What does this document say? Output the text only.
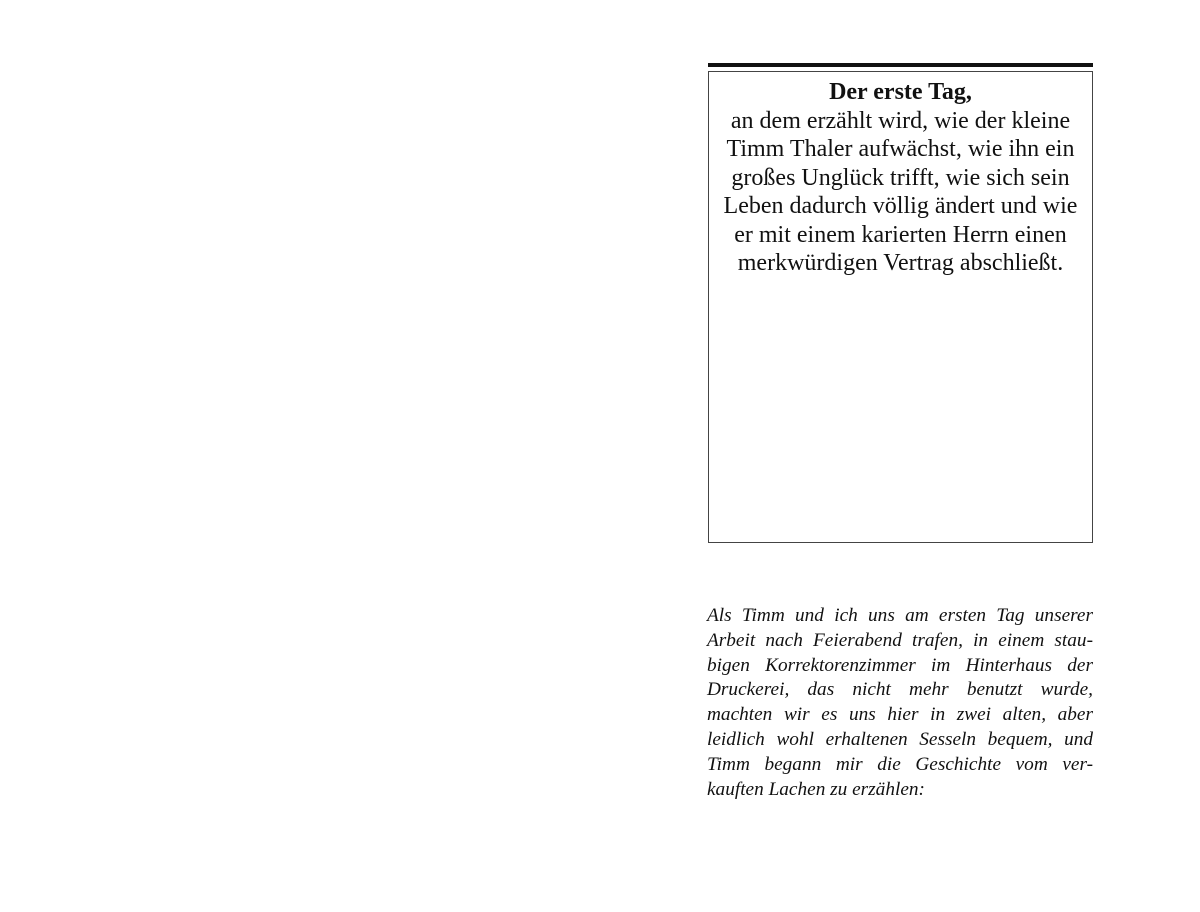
Der erste Tag,
an dem erzählt wird, wie der kleine
Timm Thaler aufwächst, wie ihn ein
großes Unglück trifft, wie sich sein
Leben dadurch völlig ändert und wie
er mit einem karierten Herrn einen
merkwürdigen Vertrag abschließt.
Als Timm und ich uns am ersten Tag unserer
Arbeit nach Feierabend trafen, in einem stau-
bigen Korrektorenzimmer im Hinterhaus der
Druckerei, das nicht mehr benutzt wurde,
machten wir es uns hier in zwei alten, aber
leidlich wohl erhaltenen Sesseln bequem, und
Timm begann mir die Geschichte vom ver-
kauften Lachen zu erzählen:
